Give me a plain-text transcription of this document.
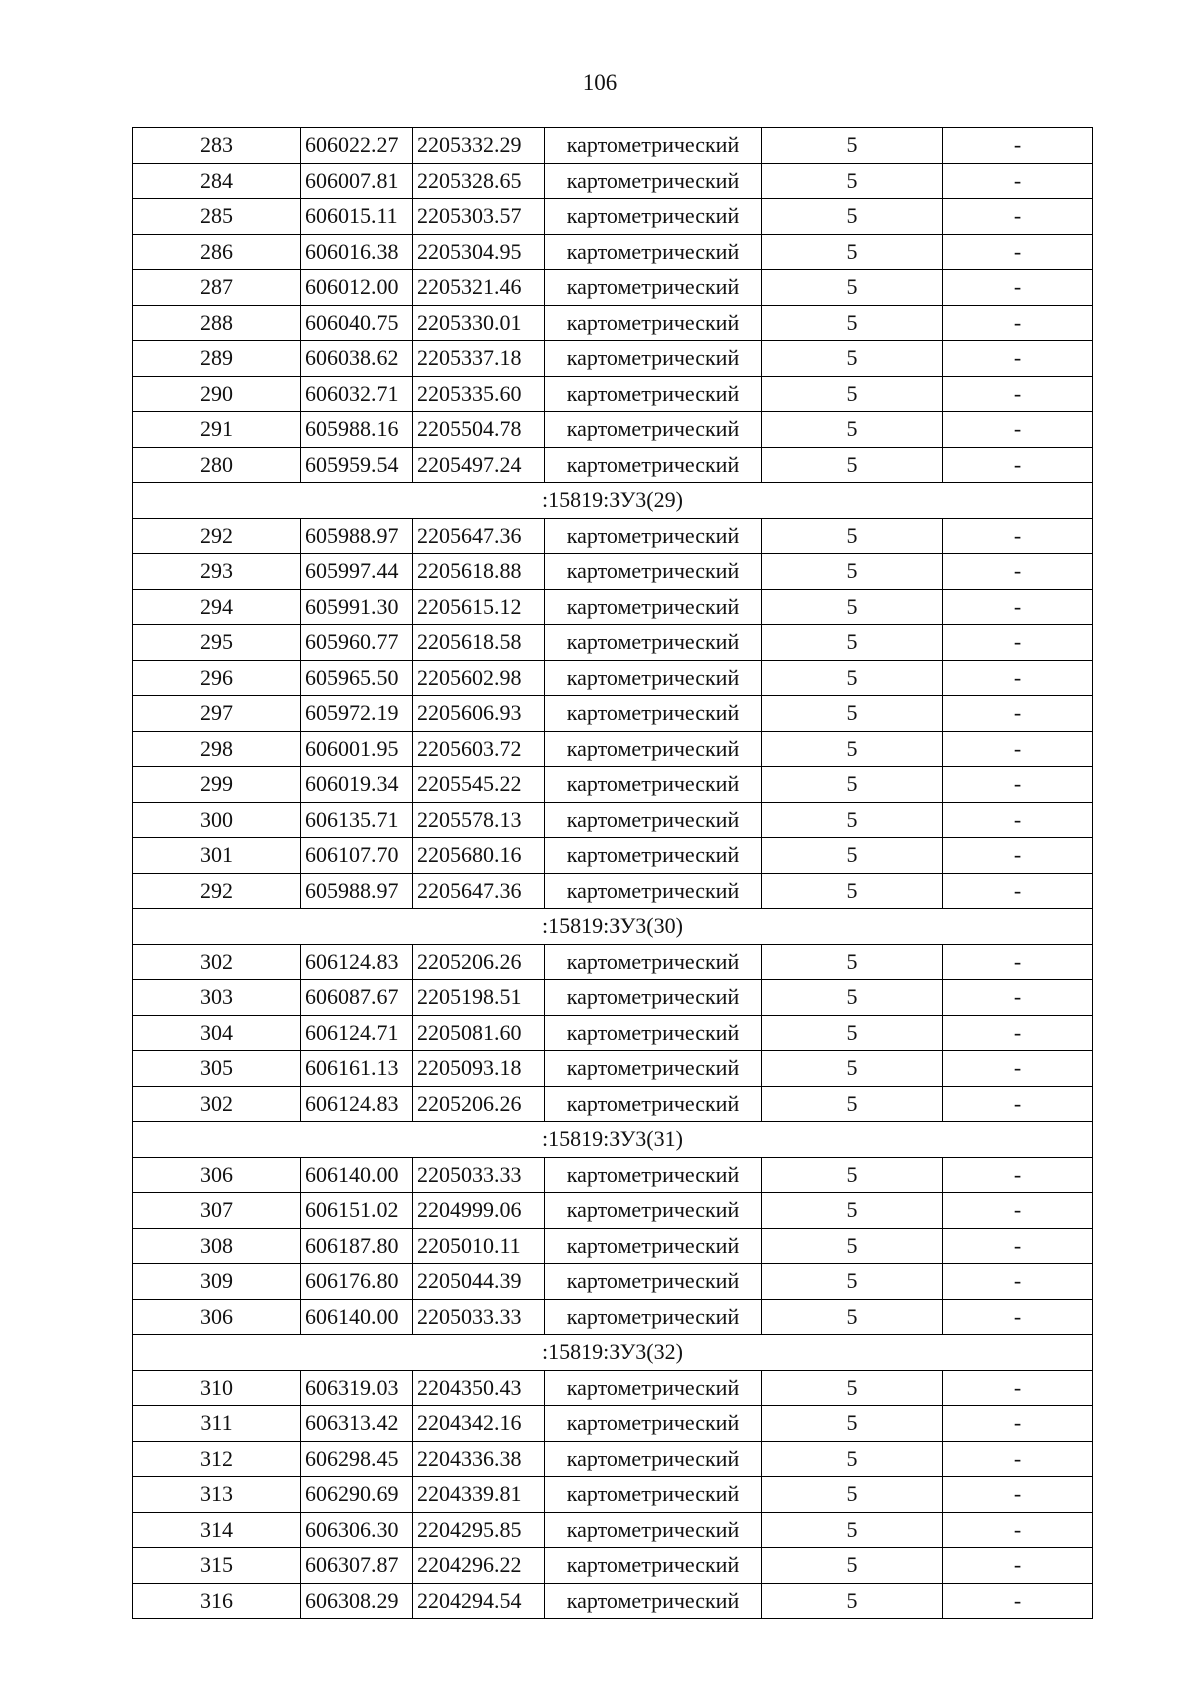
106
283	606022.27	2205332.29	картометрический	5	-
284	606007.81	2205328.65	картометрический	5	-
285	606015.11	2205303.57	картометрический	5	-
286	606016.38	2205304.95	картометрический	5	-
287	606012.00	2205321.46	картометрический	5	-
288	606040.75	2205330.01	картометрический	5	-
289	606038.62	2205337.18	картометрический	5	-
290	606032.71	2205335.60	картометрический	5	-
291	605988.16	2205504.78	картометрический	5	-
280	605959.54	2205497.24	картометрический	5	-
:15819:ЗУ3(29)					
292	605988.97	2205647.36	картометрический	5	-
293	605997.44	2205618.88	картометрический	5	-
294	605991.30	2205615.12	картометрический	5	-
295	605960.77	2205618.58	картометрический	5	-
296	605965.50	2205602.98	картометрический	5	-
297	605972.19	2205606.93	картометрический	5	-
298	606001.95	2205603.72	картометрический	5	-
299	606019.34	2205545.22	картометрический	5	-
300	606135.71	2205578.13	картометрический	5	-
301	606107.70	2205680.16	картометрический	5	-
292	605988.97	2205647.36	картометрический	5	-
:15819:ЗУ3(30)					
302	606124.83	2205206.26	картометрический	5	-
303	606087.67	2205198.51	картометрический	5	-
304	606124.71	2205081.60	картометрический	5	-
305	606161.13	2205093.18	картометрический	5	-
302	606124.83	2205206.26	картометрический	5	-
:15819:ЗУ3(31)					
306	606140.00	2205033.33	картометрический	5	-
307	606151.02	2204999.06	картометрический	5	-
308	606187.80	2205010.11	картометрический	5	-
309	606176.80	2205044.39	картометрический	5	-
306	606140.00	2205033.33	картометрический	5	-
:15819:ЗУ3(32)					
310	606319.03	2204350.43	картометрический	5	-
311	606313.42	2204342.16	картометрический	5	-
312	606298.45	2204336.38	картометрический	5	-
313	606290.69	2204339.81	картометрический	5	-
314	606306.30	2204295.85	картометрический	5	-
315	606307.87	2204296.22	картометрический	5	-
316	606308.29	2204294.54	картометрический	5	-
